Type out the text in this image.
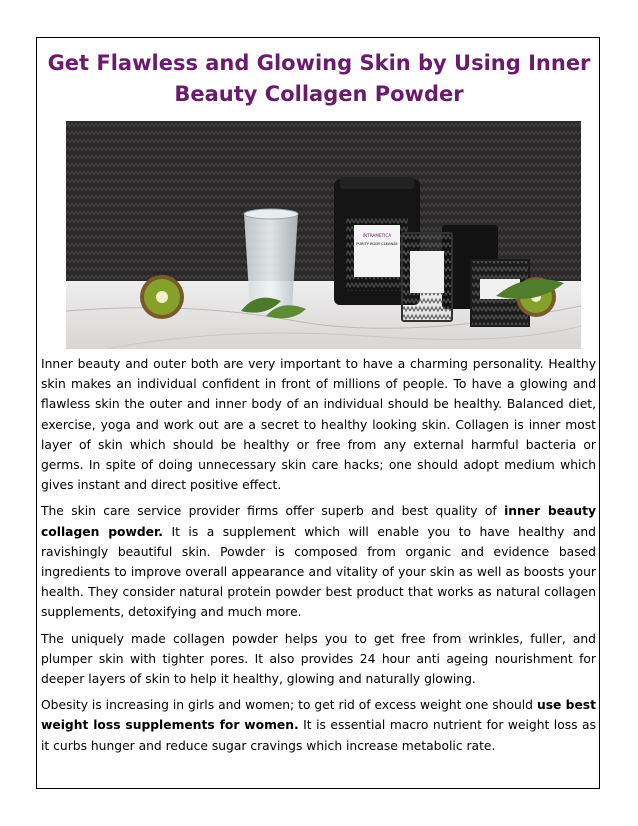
Get Flawless and Glowing Skin by Using Inner
Beauty Collagen Powder
INTRAMETICA
PURITY BODY CLEANSE

Inner beauty and outer both are very important to have a charming personality. Healthy skin makes an individual confident in front of millions of people. To have a glowing and flawless skin the outer and inner body of an individual should be healthy. Balanced diet, exercise, yoga and work out are a secret to healthy looking skin. Collagen is inner most layer of skin which should be healthy or free from any external harmful bacteria or germs. In spite of doing unnecessary skin care hacks; one should adopt medium which gives instant and direct positive effect.

The skin care service provider firms offer superb and best quality of inner beauty collagen powder. It is a supplement which will enable you to have healthy and ravishingly beautiful skin. Powder is composed from organic and evidence based ingredients to improve overall appearance and vitality of your skin as well as boosts your health. They consider natural protein powder best product that works as natural collagen supplements, detoxifying and much more.

The uniquely made collagen powder helps you to get free from wrinkles, fuller, and plumper skin with tighter pores. It also provides 24 hour anti ageing nourishment for deeper layers of skin to help it healthy, glowing and naturally glowing.

Obesity is increasing in girls and women; to get rid of excess weight one should use best weight loss supplements for women. It is essential macro nutrient for weight loss as it curbs hunger and reduce sugar cravings which increase metabolic rate.
